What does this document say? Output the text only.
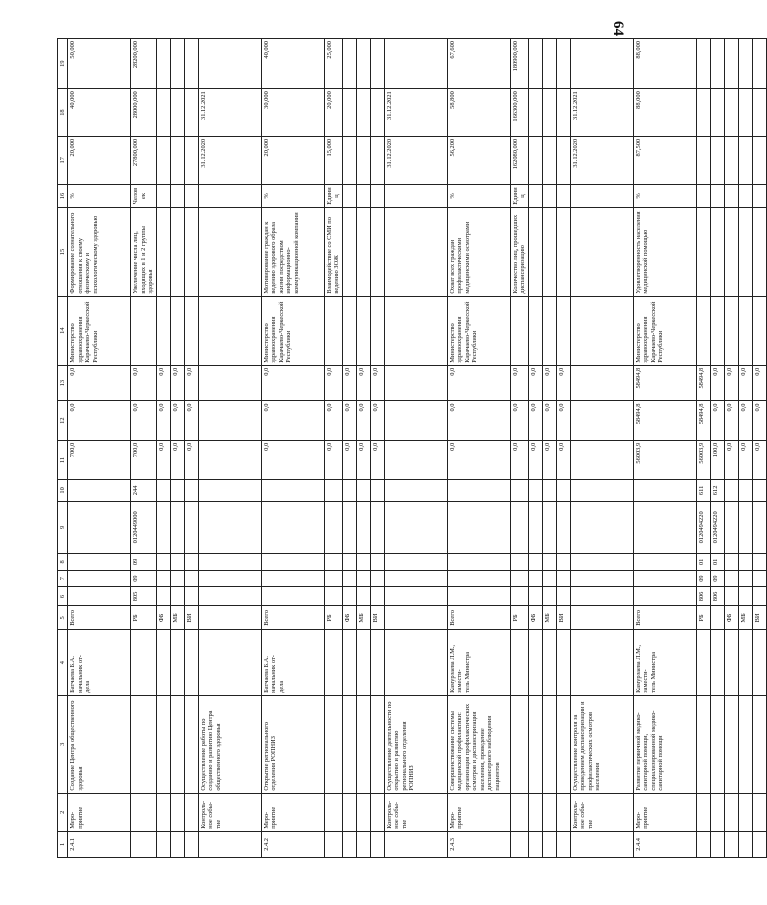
64
1	2	3	4	5	6	7	8	9	10	11	12	13	14	15	16	17	18	19
2.4.1	Меро-
приятие	Создание Центра общественного здоровья	Батчаева Б.А.
начальник от-
дела	Всего						700,0	0,0	0,0	Министерство здравоохранения Карачаево-Черкесской Республики	Формирование сознательного отношения к своему физическому и психологическому здоровью	%	20,000	40,000	50,000
				РБ	805	09	09	0120449000	244	700,0	0,0	0,0		Увеличение числа лиц, входящих в 1 и 2 группы здоровья	Человек	27800,000	28000,000	28200,000
				ФБ						0,0	0,0	0,0						
				МБ						0,0	0,0	0,0						
				ВИ						0,0	0,0	0,0						
	Контроль-
ное собы-
тие	Осуществление работы по созданию и развитию Центра общественного здоровья														31.12.2020	31.12.2021	
2.4.2	Меро-
приятие	Открытие регионального отделения РОПНИЗ	Батчаева Б.А.
начальник от-
дела	Всего						0,0	0,0	0,0	Министерство здравоохранения Карачаево-Черкесской Республики	Мотивирование граждан к ведению здорового образа жизни посредством информационно-коммуникационной компании	%	20,000	30,000	40,000
				РБ						0,0	0,0	0,0		Взаимодействие со СМИ по ведению ЗОЖ	Единиц	15,000	20,000	25,000
				ФБ						0,0	0,0	0,0						
				МБ						0,0	0,0	0,0						
				ВИ						0,0	0,0	0,0						
	Контроль-
ное собы-
тие	Осуществление деятельности по открытию и развитию регионального отделения РОПНИЗ														31.12.2020	31.12.2021	
2.4.3	Меро-
приятие	Совершенствование системы медицинской профилактики: организация профилактических осмотров и диспансеризация населения, проведение диспансерного наблюдения пациентов	Камурзаева Л.М., замести-
тель Министра	Всего						0,0	0,0	0,0	Министерство здравоохранения Карачаево-Черкесской Республики	Охват всех граждан профилактическими медицинскими осмотрами	%	56,200	58,800	67,600
				РБ						0,0	0,0	0,0		Количество лиц, прошедших диспансеризацию	Единиц	162080,000	166300,000	180900,000
				ФБ						0,0	0,0	0,0						
				МБ						0,0	0,0	0,0						
				ВИ						0,0	0,0	0,0						
	Контроль-
ное собы-
тие	Осуществление контроля за проведением диспансеризации и профилактических осмотров населения														31.12.2020	31.12.2021	
2.4.4	Меро-
приятие	Развитие первичной медико-санитарной помощи, специализированной медико-санитарной помощи	Камурзаева Л.М., замести-
тель Министра	Всего						56003,9	58494,8	58494,8	Министерство здравоохранения Карачаево-Черкесской Республики	Удовлетворенность населения медицинской помощью	%	87,500	88,000	88,000
				РБ	806	09	01	0120494220	611	56003,9	58494,8	58494,8						
					806	09	01	0120494220	612	100,0	0,0	0,0						
				ФБ						0,0	0,0	0,0						
				МБ						0,0	0,0	0,0						
				ВИ						0,0	0,0	0,0						
